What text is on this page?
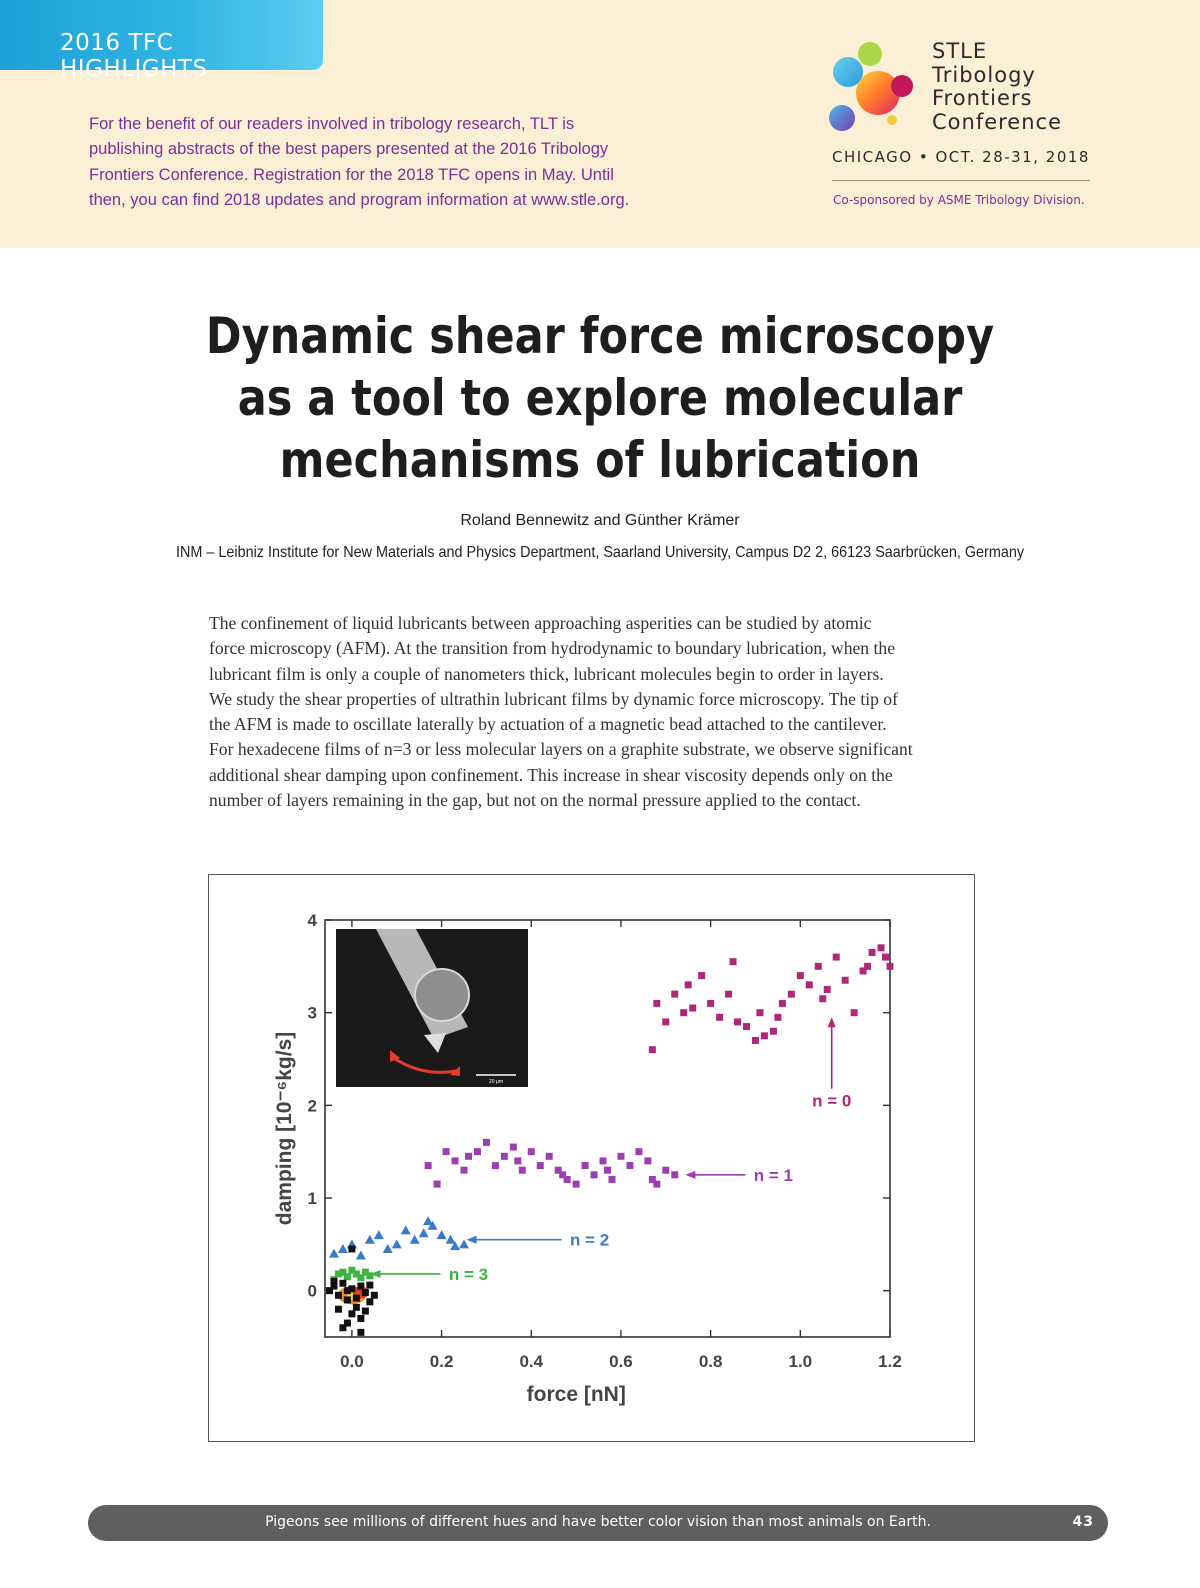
2016 TFC HIGHLIGHTS
For the benefit of our readers involved in tribology research, TLT is
publishing abstracts of the best papers presented at the 2016 Tribology
Frontiers Conference. Registration for the 2018 TFC opens in May. Until
then, you can find 2018 updates and program information at www.stle.org.
STLE
Tribology
Frontiers
Conference
CHICAGO • OCT. 28-31, 2018
Co-sponsored by ASME Tribology Division.
Dynamic shear force microscopy
as a tool to explore molecular
mechanisms of lubrication
Roland Bennewitz and Günther Krämer
INM – Leibniz Institute for New Materials and Physics Department, Saarland University, Campus D2 2, 66123 Saarbrücken, Germany
The confinement of liquid lubricants between approaching asperities can be studied by atomic
force microscopy (AFM). At the transition from hydrodynamic to boundary lubrication, when the
lubricant film is only a couple of nanometers thick, lubricant molecules begin to order in layers.
We study the shear properties of ultrathin lubricant films by dynamic force microscopy. The tip of
the AFM is made to oscillate laterally by actuation of a magnetic bead attached to the cantilever.
For hexadecene films of n=3 or less molecular layers on a graphite substrate, we observe significant
additional shear damping upon confinement. This increase in shear viscosity depends only on the
number of layers remaining in the gap, but not on the normal pressure applied to the contact.
0.0	0.2	0.4	0.6	0.8	1.0	1.2
0
1
2
3
4
force [nN]
damping [10⁻⁶kg/s]	20 µm
n = 0
n = 1
n = 2
n = 3
Pigeons see millions of different hues and have better color vision than most animals on Earth.	43
